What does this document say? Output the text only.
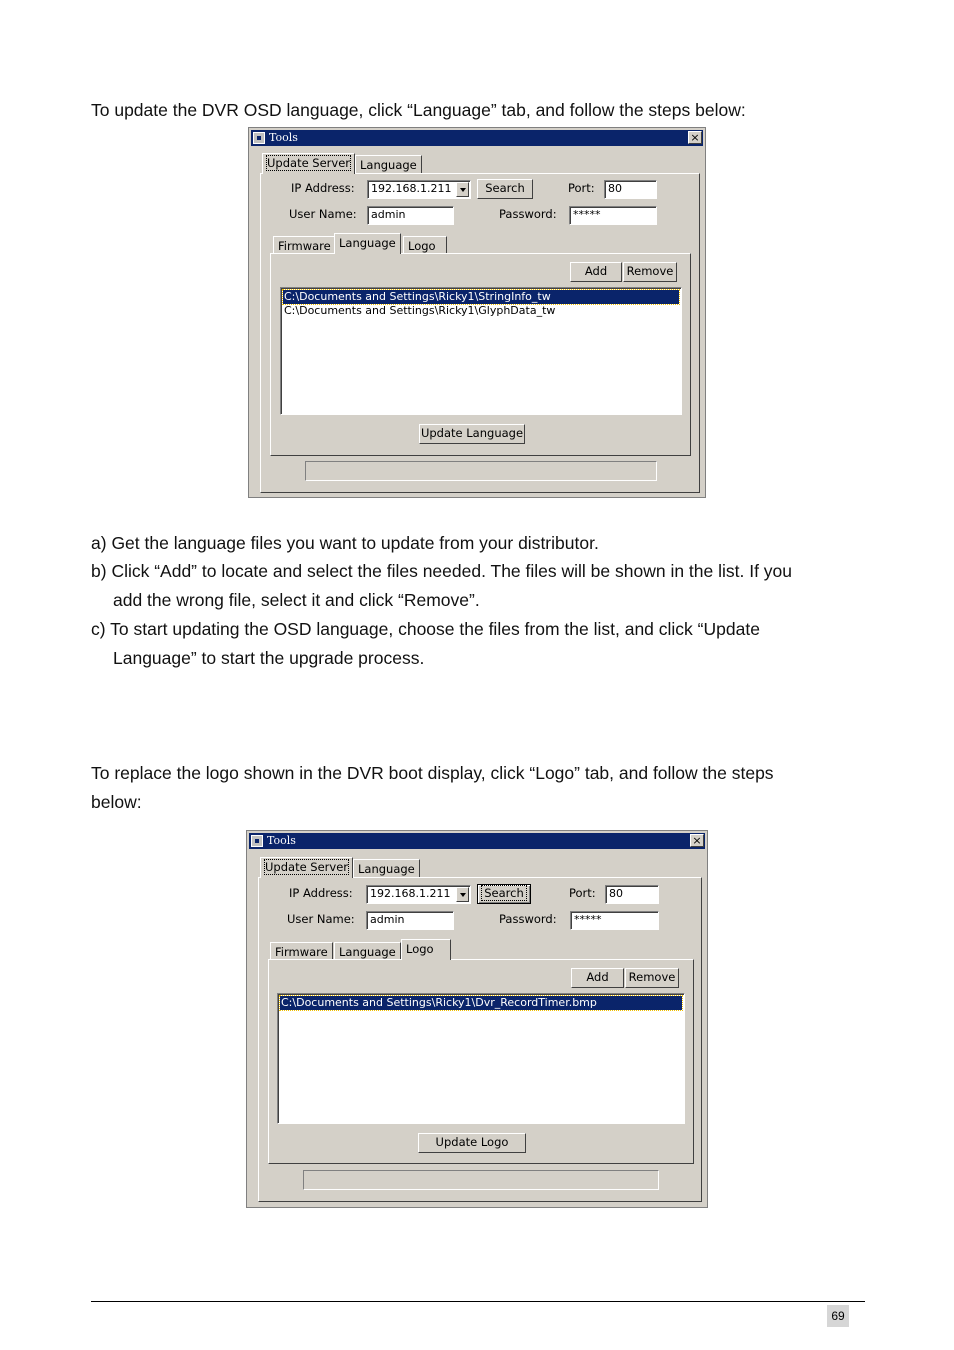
To update the DVR OSD language, click “Language” tab, and follow the steps below:

Tools	×
Update Server Language
IP Address:	192.168.1.211	Search	Port:	80
User Name:	admin	Password:	*****
Firmware Language	Logo
Add	Remove
C:\Documents and Settings\Ricky1\StringInfo_tw
C:\Documents and Settings\Ricky1\GlyphData_tw
Update Language
a) Get the language files you want to update from your distributor.
b) Click “Add” to locate and select the files needed. The files will be shown in the list. If you
add the wrong file, select it and click “Remove”.
c) To start updating the OSD language, choose the files from the list, and click “Update
Language” to start the upgrade process.

To replace the logo shown in the DVR boot display, click “Logo” tab, and follow the steps

below:

Tools	×
Update Server Language
IP Address:	192.168.1.211	Search	Port:	80
User Name:	admin	Password:	*****
Firmware Language Logo
Add	Remove
C:\Documents and Settings\Ricky1\Dvr_RecordTimer.bmp
Update Logo
69
